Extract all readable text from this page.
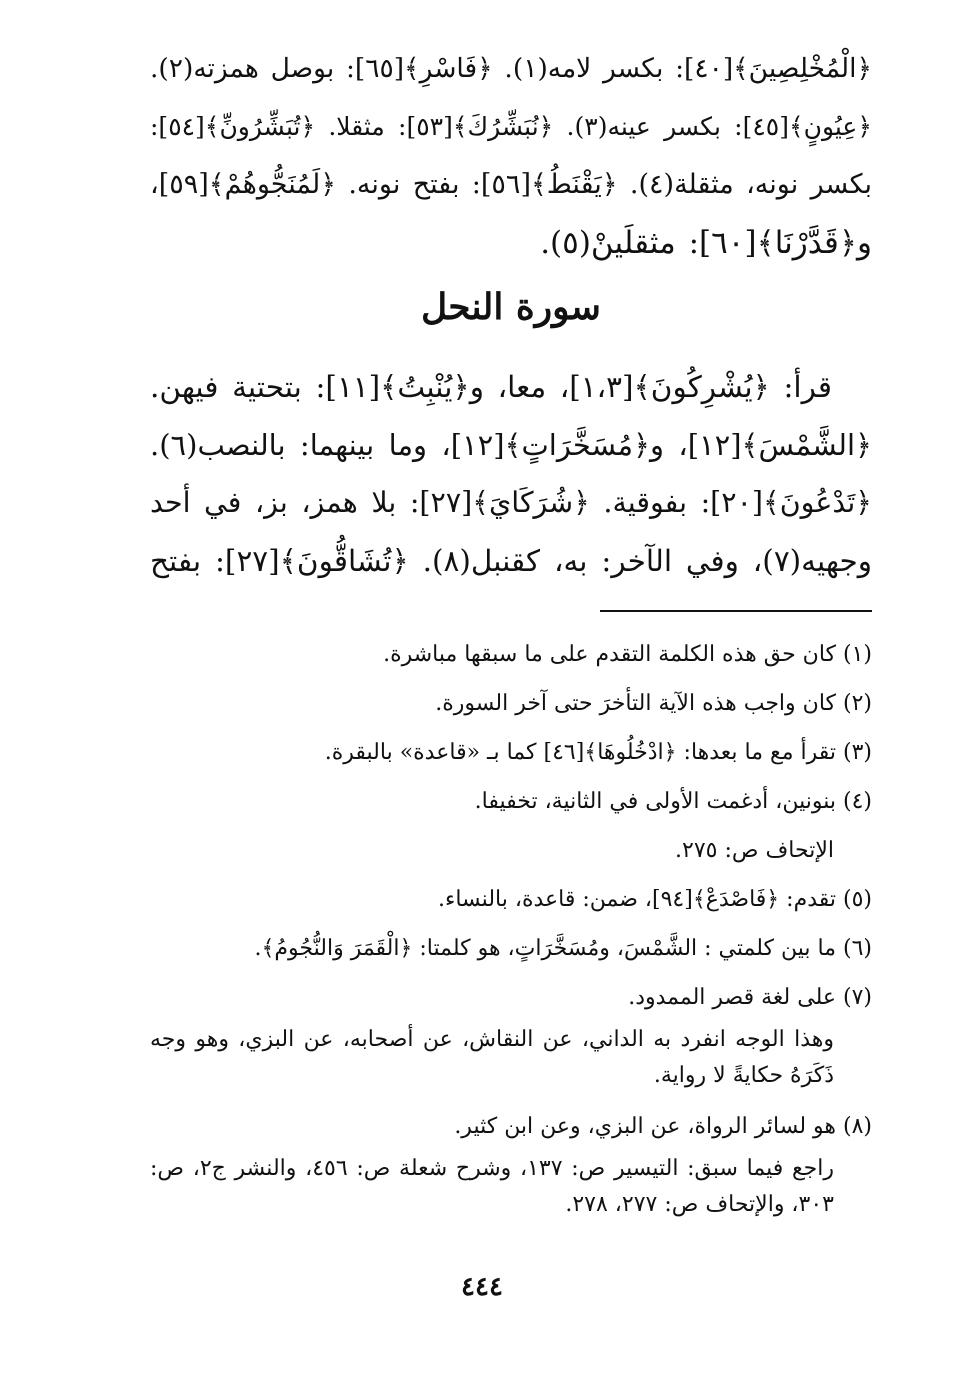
﴿الْمُخْلِصِينَ﴾[٤٠]: بكسر لامه(١). ﴿فَاسْرِ﴾[٦٥]: بوصل همزته(٢).
﴿عِيُونٍ﴾[٤٥]: بكسر عينه(٣). ﴿نُبَشِّرُكَ﴾[٥٣]: مثقلا. ﴿تُبَشِّرُونِّ﴾[٥٤]:
بكسر نونه، مثقلة(٤). ﴿يَقْنَطُ﴾[٥٦]: بفتح نونه. ﴿لَمُنَجُّوهُمْ﴾[٥٩]،
و﴿قَدَّرْنَا﴾[٦٠]: مثقلَينْ(٥).
سورة النحل
قرأ: ﴿يُشْرِكُونَ﴾[١،٣]، معا، و﴿يُنْبِتُ﴾[١١]: بتحتية فيهن.
﴿الشَّمْسَ﴾[١٢]، و﴿مُسَخَّرَاتٍ﴾[١٢]، وما بينهما: بالنصب(٦).
﴿تَدْعُونَ﴾[٢٠]: بفوقية. ﴿شُرَكَايَ﴾[٢٧]: بلا همز، بز، في أحد
وجهيه(٧)، وفي الآخر: به، كقنبل(٨). ﴿تُشَاقُّونَ﴾[٢٧]: بفتح
(١) كان حق هذه الكلمة التقدم على ما سبقها مباشرة.
(٢) كان واجب هذه الآية التأخرَ حتى آخر السورة.
(٣) تقرأ مع ما بعدها: ﴿ادْخُلُوهَا﴾[٤٦] كما بـ «قاعدة» بالبقرة.
(٤) بنونين، أدغمت الأولى في الثانية، تخفيفا.
الإتحاف ص: ٢٧٥.
(٥) تقدم: ﴿فَاصْدَعْ﴾[٩٤]، ضمن: قاعدة، بالنساء.
(٦) ما بين كلمتي : الشَّمْسَ، ومُسَخَّرَاتٍ، هو كلمتا: ﴿الْقَمَرَ وَالنُّجُومُ﴾.
(٧) على لغة قصر الممدود.
وهذا الوجه انفرد به الداني، عن النقاش، عن أصحابه، عن البزي، وهو وجه ذَكَرَهُ حكايةً لا رواية.
(٨) هو لسائر الرواة، عن البزي، وعن ابن كثير.
راجع فيما سبق: التيسير ص: ١٣٧، وشرح شعلة ص: ٤٥٦، والنشر ج٢، ص: ٣٠٣، والإتحاف ص: ٢٧٧، ٢٧٨.
٤٤٤
